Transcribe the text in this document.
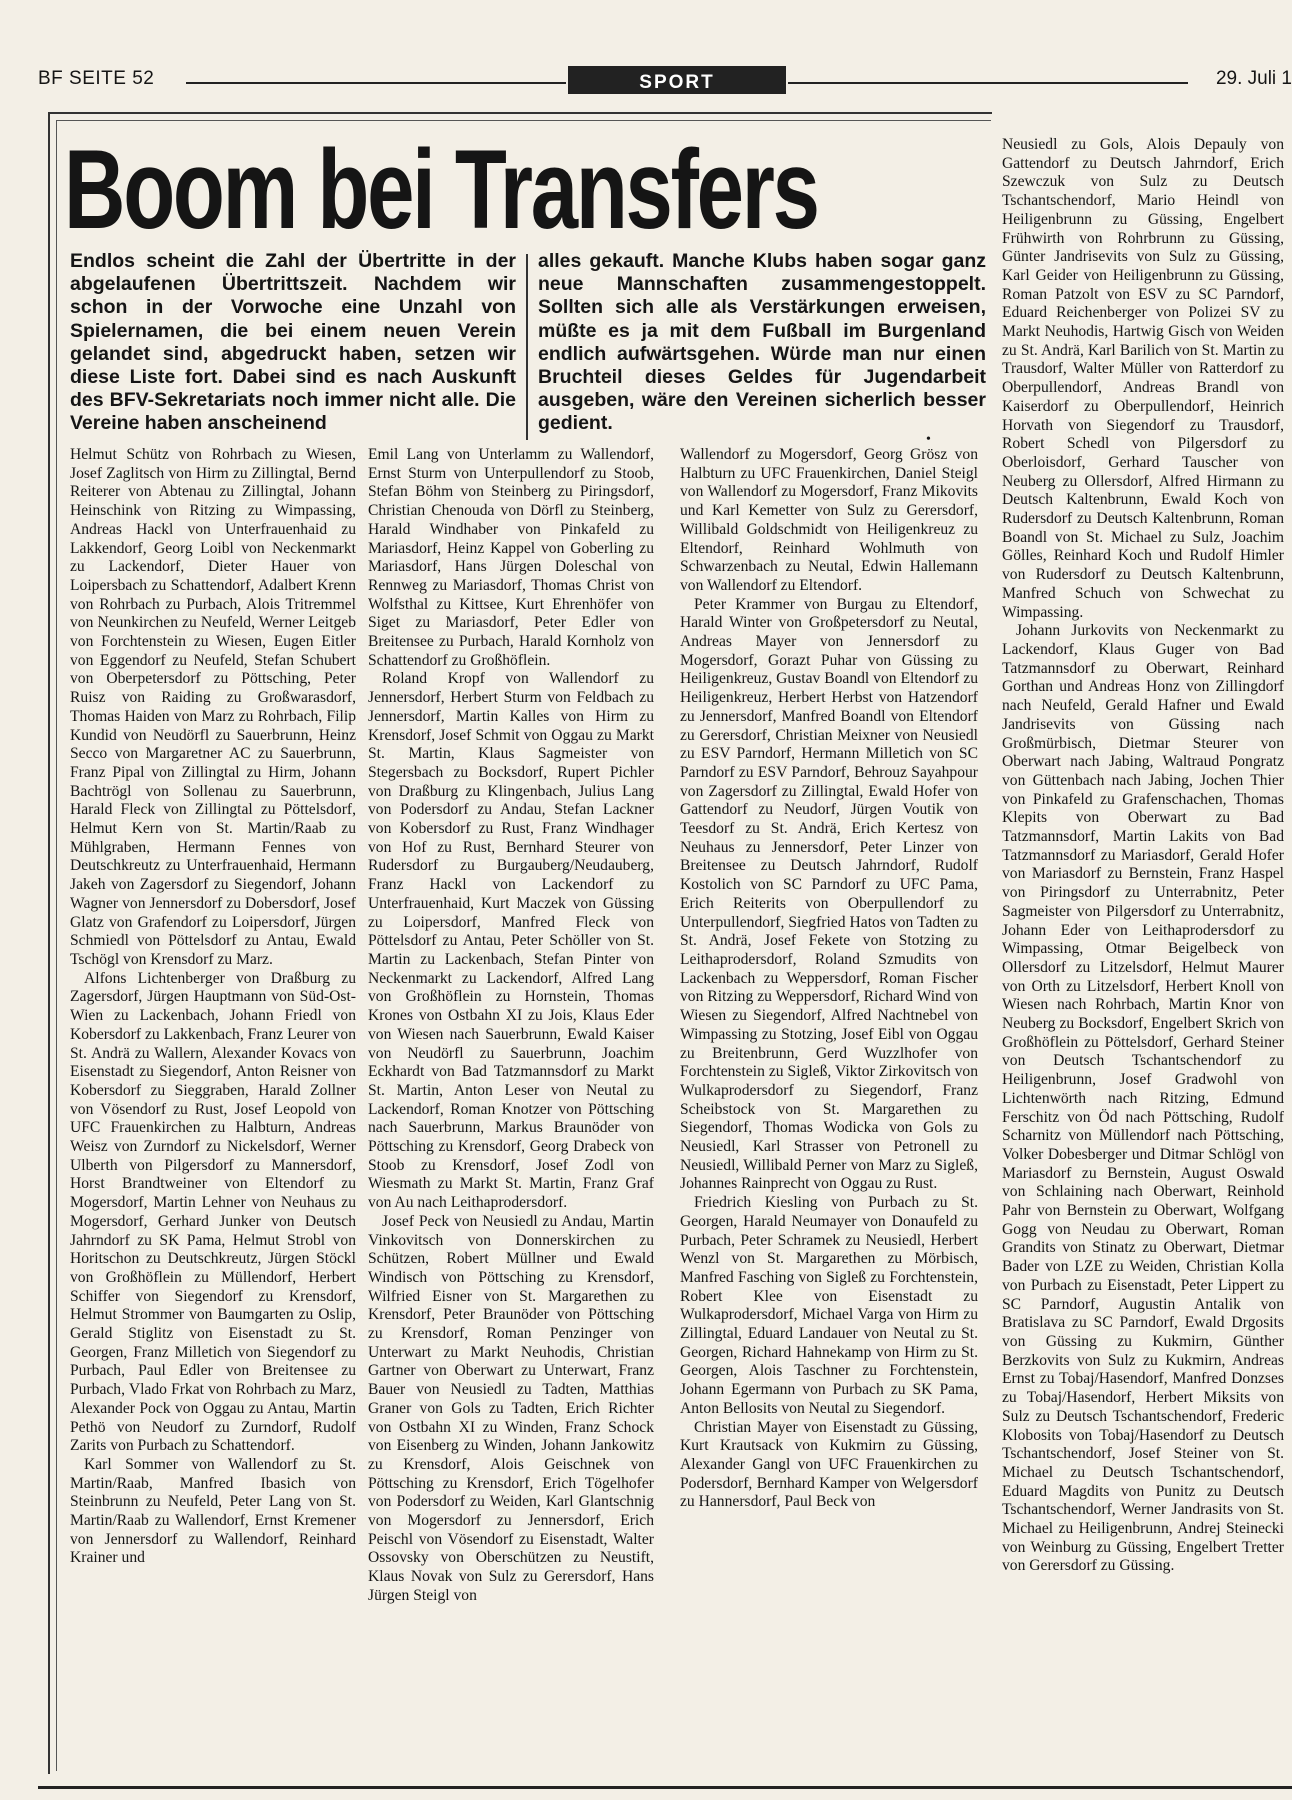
BF SEITE 52	SPORT	29. Juli 1
Boom bei Transfers
Endlos scheint die Zahl der Übertritte in der abgelaufenen Übertrittszeit. Nachdem wir schon in der Vorwoche eine Unzahl von Spielernamen, die bei einem neuen Verein gelandet sind, abgedruckt haben, setzen wir diese Liste fort. Dabei sind es nach Auskunft des BFV-Sekretariats noch immer nicht alle. Die Vereine haben anscheinend
alles gekauft. Manche Klubs haben sogar ganz neue Mannschaften zusammengestoppelt. Sollten sich alle als Verstärkungen erweisen, müßte es ja mit dem Fußball im Burgenland endlich aufwärtsgehen. Würde man nur einen Bruchteil dieses Geldes für Jugendarbeit ausgeben, wäre den Vereinen sicherlich besser gedient.
•

Helmut Schütz von Rohrbach zu Wiesen, Josef Zaglitsch von Hirm zu Zillingtal, Bernd Reiterer von Abtenau zu Zillingtal, Johann Heinschink von Ritzing zu Wimpassing, Andreas Hackl von Unterfrauenhaid zu Lakkendorf, Georg Loibl von Neckenmarkt zu Lackendorf, Dieter Hauer von Loipersbach zu Schattendorf, Adalbert Krenn von Rohrbach zu Purbach, Alois Tritremmel von Neunkirchen zu Neufeld, Werner Leitgeb von Forchtenstein zu Wiesen, Eugen Eitler von Eggendorf zu Neufeld, Stefan Schubert von Oberpetersdorf zu Pöttsching, Peter Ruisz von Raiding zu Großwarasdorf, Thomas Haiden von Marz zu Rohrbach, Filip Kundid von Neudörfl zu Sauerbrunn, Heinz Secco von Margaretner AC zu Sauerbrunn, Franz Pipal von Zillingtal zu Hirm, Johann Bachtrögl von Sollenau zu Sauerbrunn, Harald Fleck von Zillingtal zu Pöttelsdorf, Helmut Kern von St. Martin/Raab zu Mühlgraben, Hermann Fennes von Deutschkreutz zu Unterfrauenhaid, Hermann Jakeh von Zagersdorf zu Siegendorf, Johann Wagner von Jennersdorf zu Dobersdorf, Josef Glatz von Grafendorf zu Loipersdorf, Jürgen Schmiedl von Pöttelsdorf zu Antau, Ewald Tschögl von Krensdorf zu Marz.

Alfons Lichtenberger von Draßburg zu Zagersdorf, Jürgen Hauptmann von Süd-Ost-Wien zu Lackenbach, Johann Friedl von Kobersdorf zu Lakkenbach, Franz Leurer von St. Andrä zu Wallern, Alexander Kovacs von Eisenstadt zu Siegendorf, Anton Reisner von Kobersdorf zu Sieggraben, Harald Zollner von Vösendorf zu Rust, Josef Leopold von UFC Frauenkirchen zu Halbturn, Andreas Weisz von Zurndorf zu Nickelsdorf, Werner Ulberth von Pilgersdorf zu Mannersdorf, Horst Brandtweiner von Eltendorf zu Mogersdorf, Martin Lehner von Neuhaus zu Mogersdorf, Gerhard Junker von Deutsch Jahrndorf zu SK Pama, Helmut Strobl von Horitschon zu Deutschkreutz, Jürgen Stöckl von Großhöflein zu Müllendorf, Herbert Schiffer von Siegendorf zu Krensdorf, Helmut Strommer von Baumgarten zu Oslip, Gerald Stiglitz von Eisenstadt zu St. Georgen, Franz Milletich von Siegendorf zu Purbach, Paul Edler von Breitensee zu Purbach, Vlado Frkat von Rohrbach zu Marz, Alexander Pock von Oggau zu Antau, Martin Pethö von Neudorf zu Zurndorf, Rudolf Zarits von Purbach zu Schattendorf.

Karl Sommer von Wallendorf zu St. Martin/Raab, Manfred Ibasich von Steinbrunn zu Neufeld, Peter Lang von St. Martin/Raab zu Wallendorf, Ernst Kremener von Jennersdorf zu Wallendorf, Reinhard Krainer und

Emil Lang von Unterlamm zu Wallendorf, Ernst Sturm von Unterpullendorf zu Stoob, Stefan Böhm von Steinberg zu Piringsdorf, Christian Chenouda von Dörfl zu Steinberg, Harald Windhaber von Pinkafeld zu Mariasdorf, Heinz Kappel von Goberling zu Mariasdorf, Hans Jürgen Doleschal von Rennweg zu Mariasdorf, Thomas Christ von Wolfsthal zu Kittsee, Kurt Ehrenhöfer von Siget zu Mariasdorf, Peter Edler von Breitensee zu Purbach, Harald Kornholz von Schattendorf zu Großhöflein.

Roland Kropf von Wallendorf zu Jennersdorf, Herbert Sturm von Feldbach zu Jennersdorf, Martin Kalles von Hirm zu Krensdorf, Josef Schmit von Oggau zu Markt St. Martin, Klaus Sagmeister von Stegersbach zu Bocksdorf, Rupert Pichler von Draßburg zu Klingenbach, Julius Lang von Podersdorf zu Andau, Stefan Lackner von Kobersdorf zu Rust, Franz Windhager von Hof zu Rust, Bernhard Steurer von Rudersdorf zu Burgauberg/Neudauberg, Franz Hackl von Lackendorf zu Unterfrauenhaid, Kurt Maczek von Güssing zu Loipersdorf, Manfred Fleck von Pöttelsdorf zu Antau, Peter Schöller von St. Martin zu Lackenbach, Stefan Pinter von Neckenmarkt zu Lackendorf, Alfred Lang von Großhöflein zu Hornstein, Thomas Krones von Ostbahn XI zu Jois, Klaus Eder von Wiesen nach Sauerbrunn, Ewald Kaiser von Neudörfl zu Sauerbrunn, Joachim Eckhardt von Bad Tatzmannsdorf zu Markt St. Martin, Anton Leser von Neutal zu Lackendorf, Roman Knotzer von Pöttsching nach Sauerbrunn, Markus Braunöder von Pöttsching zu Krensdorf, Georg Drabeck von Stoob zu Krensdorf, Josef Zodl von Wiesmath zu Markt St. Martin, Franz Graf von Au nach Leithaprodersdorf.

Josef Peck von Neusiedl zu Andau, Martin Vinkovitsch von Donnerskirchen zu Schützen, Robert Müllner und Ewald Windisch von Pöttsching zu Krensdorf, Wilfried Eisner von St. Margarethen zu Krensdorf, Peter Braunöder von Pöttsching zu Krensdorf, Roman Penzinger von Unterwart zu Markt Neuhodis, Christian Gartner von Oberwart zu Unterwart, Franz Bauer von Neusiedl zu Tadten, Matthias Graner von Gols zu Tadten, Erich Richter von Ostbahn XI zu Winden, Franz Schock von Eisenberg zu Winden, Johann Jankowitz zu Krensdorf, Alois Geischnek von Pöttsching zu Krensdorf, Erich Tögelhofer von Podersdorf zu Weiden, Karl Glantschnig von Mogersdorf zu Jennersdorf, Erich Peischl von Vösendorf zu Eisenstadt, Walter Ossovsky von Oberschützen zu Neustift, Klaus Novak von Sulz zu Gerersdorf, Hans Jürgen Steigl von

Wallendorf zu Mogersdorf, Georg Grösz von Halbturn zu UFC Frauenkirchen, Daniel Steigl von Wallendorf zu Mogersdorf, Franz Mikovits und Karl Kemetter von Sulz zu Gerersdorf, Willibald Goldschmidt von Heiligenkreuz zu Eltendorf, Reinhard Wohlmuth von Schwarzenbach zu Neutal, Edwin Hallemann von Wallendorf zu Eltendorf.

Peter Krammer von Burgau zu Eltendorf, Harald Winter von Großpetersdorf zu Neutal, Andreas Mayer von Jennersdorf zu Mogersdorf, Gorazt Puhar von Güssing zu Heiligenkreuz, Gustav Boandl von Eltendorf zu Heiligenkreuz, Herbert Herbst von Hatzendorf zu Jennersdorf, Manfred Boandl von Eltendorf zu Gerersdorf, Christian Meixner von Neusiedl zu ESV Parndorf, Hermann Milletich von SC Parndorf zu ESV Parndorf, Behrouz Sayahpour von Zagersdorf zu Zillingtal, Ewald Hofer von Gattendorf zu Neudorf, Jürgen Voutik von Teesdorf zu St. Andrä, Erich Kertesz von Neuhaus zu Jennersdorf, Peter Linzer von Breitensee zu Deutsch Jahrndorf, Rudolf Kostolich von SC Parndorf zu UFC Pama, Erich Reiterits von Oberpullendorf zu Unterpullendorf, Siegfried Hatos von Tadten zu St. Andrä, Josef Fekete von Stotzing zu Leithaprodersdorf, Roland Szmudits von Lackenbach zu Weppersdorf, Roman Fischer von Ritzing zu Weppersdorf, Richard Wind von Wiesen zu Siegendorf, Alfred Nachtnebel von Wimpassing zu Stotzing, Josef Eibl von Oggau zu Breitenbrunn, Gerd Wuzzlhofer von Forchtenstein zu Sigleß, Viktor Zirkovitsch von Wulkaprodersdorf zu Siegendorf, Franz Scheibstock von St. Margarethen zu Siegendorf, Thomas Wodicka von Gols zu Neusiedl, Karl Strasser von Petronell zu Neusiedl, Willibald Perner von Marz zu Sigleß, Johannes Rainprecht von Oggau zu Rust.

Friedrich Kiesling von Purbach zu St. Georgen, Harald Neumayer von Donaufeld zu Purbach, Peter Schramek zu Neusiedl, Herbert Wenzl von St. Margarethen zu Mörbisch, Manfred Fasching von Sigleß zu Forchtenstein, Robert Klee von Eisenstadt zu Wulkaprodersdorf, Michael Varga von Hirm zu Zillingtal, Eduard Landauer von Neutal zu St. Georgen, Richard Hahnekamp von Hirm zu St. Georgen, Alois Taschner zu Forchtenstein, Johann Egermann von Purbach zu SK Pama, Anton Bellosits von Neutal zu Siegendorf.

Christian Mayer von Eisenstadt zu Güssing, Kurt Krautsack von Kukmirn zu Güssing, Alexander Gangl von UFC Frauenkirchen zu Podersdorf, Bernhard Kamper von Welgersdorf zu Hannersdorf, Paul Beck von

Neusiedl zu Gols, Alois Depauly von Gattendorf zu Deutsch Jahrndorf, Erich Szewczuk von Sulz zu Deutsch Tschantschendorf, Mario Heindl von Heiligenbrunn zu Güssing, Engelbert Frühwirth von Rohrbrunn zu Güssing, Günter Jandrisevits von Sulz zu Güssing, Karl Geider von Heiligenbrunn zu Güssing, Roman Patzolt von ESV zu SC Parndorf, Eduard Reichenberger von Polizei SV zu Markt Neuhodis, Hartwig Gisch von Weiden zu St. Andrä, Karl Barilich von St. Martin zu Trausdorf, Walter Müller von Ratterdorf zu Oberpullendorf, Andreas Brandl von Kaiserdorf zu Oberpullendorf, Heinrich Horvath von Siegendorf zu Trausdorf, Robert Schedl von Pilgersdorf zu Oberloisdorf, Gerhard Tauscher von Neuberg zu Ollersdorf, Alfred Hirmann zu Deutsch Kaltenbrunn, Ewald Koch von Rudersdorf zu Deutsch Kaltenbrunn, Roman Boandl von St. Michael zu Sulz, Joachim Gölles, Reinhard Koch und Rudolf Himler von Rudersdorf zu Deutsch Kaltenbrunn, Manfred Schuch von Schwechat zu Wimpassing.

Johann Jurkovits von Neckenmarkt zu Lackendorf, Klaus Guger von Bad Tatzmannsdorf zu Oberwart, Reinhard Gorthan und Andreas Honz von Zillingdorf nach Neufeld, Gerald Hafner und Ewald Jandrisevits von Güssing nach Großmürbisch, Dietmar Steurer von Oberwart nach Jabing, Waltraud Pongratz von Güttenbach nach Jabing, Jochen Thier von Pinkafeld zu Grafenschachen, Thomas Klepits von Oberwart zu Bad Tatzmannsdorf, Martin Lakits von Bad Tatzmannsdorf zu Mariasdorf, Gerald Hofer von Mariasdorf zu Bernstein, Franz Haspel von Piringsdorf zu Unterrabnitz, Peter Sagmeister von Pilgersdorf zu Unterrabnitz, Johann Eder von Leithaprodersdorf zu Wimpassing, Otmar Beigelbeck von Ollersdorf zu Litzelsdorf, Helmut Maurer von Orth zu Litzelsdorf, Herbert Knoll von Wiesen nach Rohrbach, Martin Knor von Neuberg zu Bocksdorf, Engelbert Skrich von Großhöflein zu Pöttelsdorf, Gerhard Steiner von Deutsch Tschantschendorf zu Heiligenbrunn, Josef Gradwohl von Lichtenwörth nach Ritzing, Edmund Ferschitz von Öd nach Pöttsching, Rudolf Scharnitz von Müllendorf nach Pöttsching, Volker Dobesberger und Ditmar Schlögl von Mariasdorf zu Bernstein, August Oswald von Schlaining nach Oberwart, Reinhold Pahr von Bernstein zu Oberwart, Wolfgang Gogg von Neudau zu Oberwart, Roman Grandits von Stinatz zu Oberwart, Dietmar Bader von LZE zu Weiden, Christian Kolla von Purbach zu Eisenstadt, Peter Lippert zu SC Parndorf, Augustin Antalik von Bratislava zu SC Parndorf, Ewald Drgosits von Güssing zu Kukmirn, Günther Berzkovits von Sulz zu Kukmirn, Andreas Ernst zu Tobaj/Hasendorf, Manfred Donzses zu Tobaj/Hasendorf, Herbert Miksits von Sulz zu Deutsch Tschantschendorf, Frederic Klobosits von Tobaj/Hasendorf zu Deutsch Tschantschendorf, Josef Steiner von St. Michael zu Deutsch Tschantschendorf, Eduard Magdits von Punitz zu Deutsch Tschantschendorf, Werner Jandrasits von St. Michael zu Heiligenbrunn, Andrej Steinecki von Weinburg zu Güssing, Engelbert Tretter von Gerersdorf zu Güssing.
